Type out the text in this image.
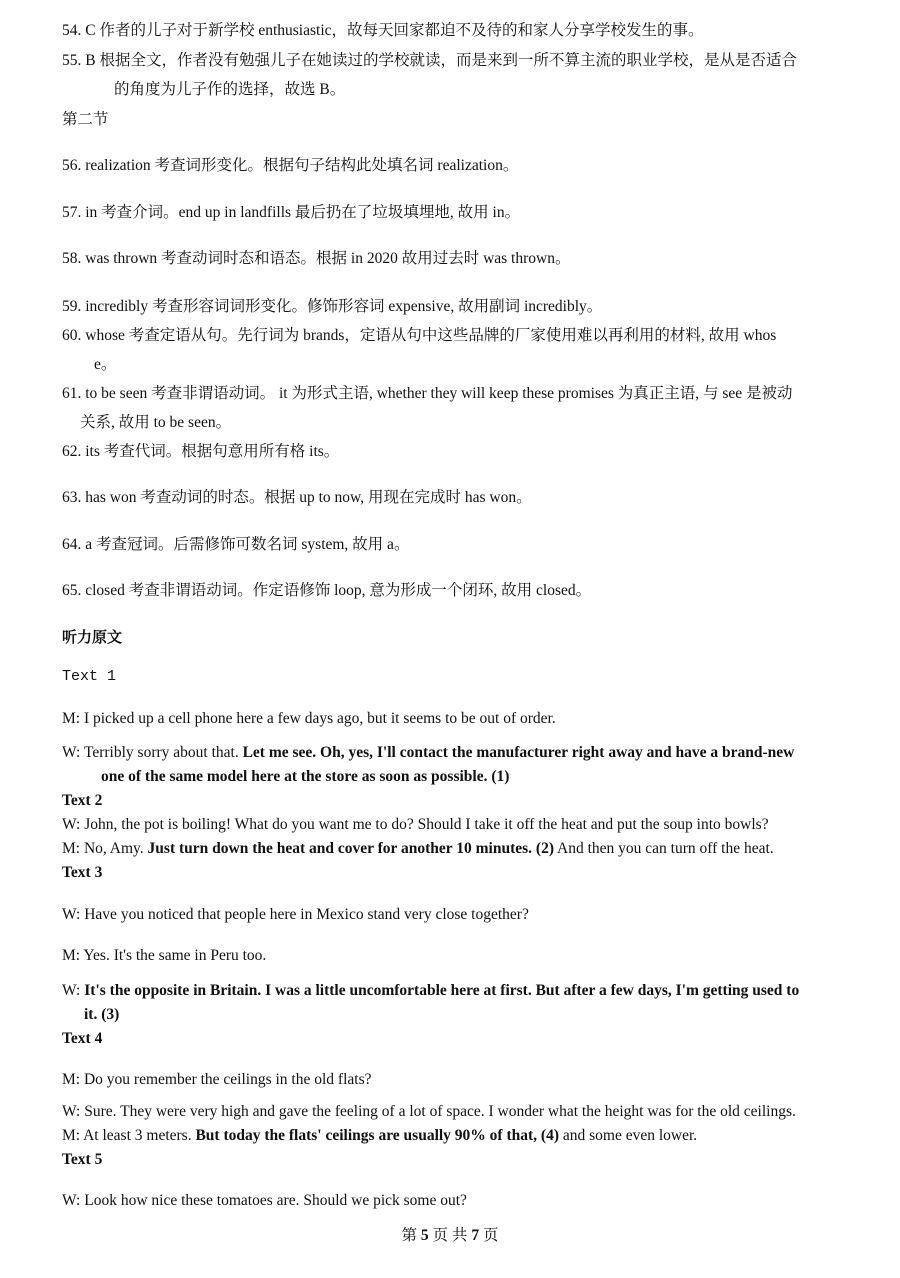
54. C 作者的儿子对于新学校 enthusiastic，故每天回家都迫不及待的和家人分享学校发生的事。
55. B 根据全文，作者没有勉强儿子在她读过的学校就读，而是来到一所不算主流的职业学校，是从是否适合
的角度为儿子作的选择，故选 B。
第二节
56. realization 考查词形变化。根据句子结构此处填名词 realization。
57. in 考查介词。end up in landfills 最后扔在了垃圾填埋地, 故用 in。
58. was thrown 考查动词时态和语态。根据 in 2020 故用过去时 was thrown。
59. incredibly 考查形容词词形变化。修饰形容词 expensive, 故用副词 incredibly。
60. whose 考查定语从句。先行词为 brands，定语从句中这些品牌的厂家使用难以再利用的材料, 故用 whos
e。
61. to be seen 考查非谓语动词。 it 为形式主语, whether they will keep these promises 为真正主语, 与 see 是被动
关系, 故用 to be seen。
62. its 考查代词。根据句意用所有格 its。
63. has won 考查动词的时态。根据 up to now, 用现在完成时 has won。
64. a 考查冠词。后需修饰可数名词 system, 故用 a。
65. closed 考查非谓语动词。作定语修饰 loop, 意为形成一个闭环, 故用 closed。
听力原文
Text 1
M: I picked up a cell phone here a few days ago, but it seems to be out of order.
W: Terribly sorry about that. Let me see. Oh, yes, I'll contact the manufacturer right away and have a brand-new
one of the same model here at the store as soon as possible. (1)
Text 2
W: John, the pot is boiling! What do you want me to do? Should I take it off the heat and put the soup into bowls?
M: No, Amy. Just turn down the heat and cover for another 10 minutes. (2) And then you can turn off the heat.
Text 3
W: Have you noticed that people here in Mexico stand very close together?
M: Yes. It's the same in Peru too.
W: It's the opposite in Britain. I was a little uncomfortable here at first. But after a few days, I'm getting used to
it. (3)
Text 4
M: Do you remember the ceilings in the old flats?
W: Sure. They were very high and gave the feeling of a lot of space. I wonder what the height was for the old ceilings.
M: At least 3 meters. But today the flats' ceilings are usually 90% of that, (4) and some even lower.
Text 5
W: Look how nice these tomatoes are. Should we pick some out?
第 5 页 共 7 页
